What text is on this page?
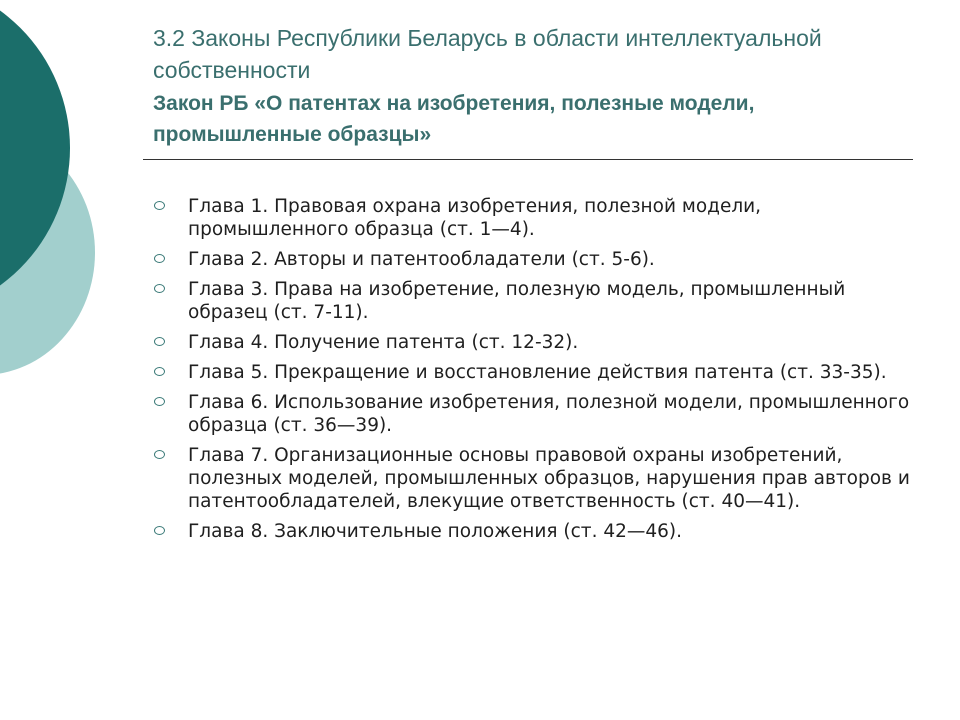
3.2 Законы Республики Беларусь в области интеллектуальной собственности
Закон РБ «О патентах на изобретения, полезные модели, промышленные образцы»
Глава 1. Правовая охрана изобретения, полезной модели, промышленного образца (ст. 1—4).
Глава 2. Авторы и патентообладатели (ст. 5-6).
Глава 3. Права на изобретение, полезную модель, промышленный образец (ст. 7-11).
Глава 4. Получение патента (ст. 12-32).
Глава 5. Прекращение и восстановление действия патента (ст. 33-35).
Глава 6. Использование изобретения, полезной модели, промышленного образца (ст. 36—39).
Глава 7. Организационные основы правовой охраны изобретений, полезных моделей, промышленных образцов, нарушения прав авторов и патентообладателей, влекущие ответственность (ст. 40—41).
Глава 8. Заключительные положения (ст. 42—46).
